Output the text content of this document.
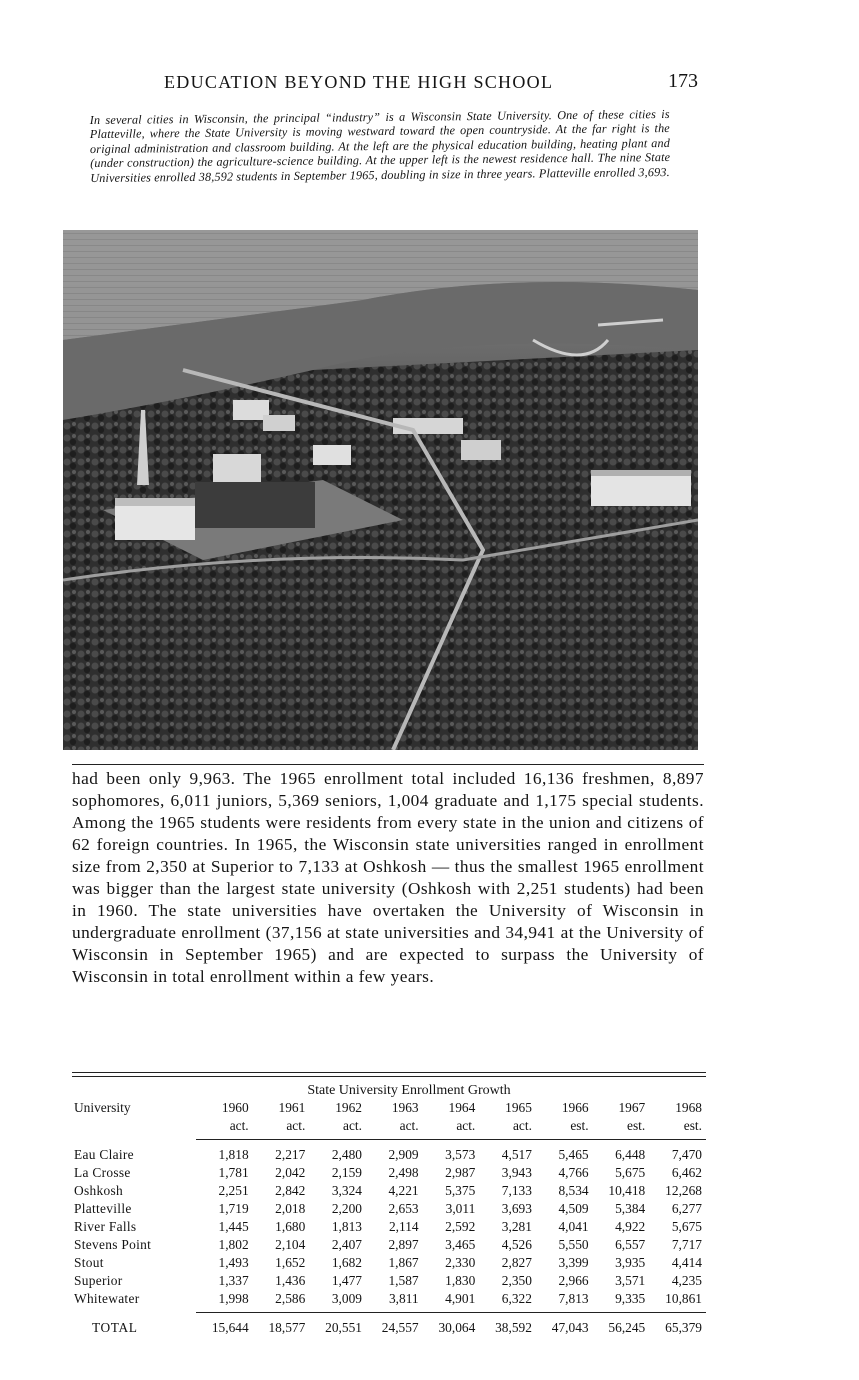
EDUCATION BEYOND THE HIGH SCHOOL	173
In several cities in Wisconsin, the principal “industry” is a Wisconsin State University. One of these cities is Platteville, where the State University is moving westward toward the open countryside. At the far right is the original administration and classroom building. At the left are the physical education building, heating plant and (under construction) the agriculture-science building. At the upper left is the newest residence hall. The nine State Universities enrolled 38,592 students in September 1965, doubling in size in three years. Platteville enrolled 3,693.
had been only 9,963. The 1965 enrollment total included 16,136 freshmen, 8,897 sophomores, 6,011 juniors, 5,369 seniors, 1,004 graduate and 1,175 special students. Among the 1965 students were residents from every state in the union and citizens of 62 foreign countries. In 1965, the Wisconsin state universities ranged in enrollment size from 2,350 at Superior to 7,133 at Oshkosh — thus the smallest 1965 enrollment was bigger than the largest state university (Oshkosh with 2,251 students) had been in 1960. The state universities have overtaken the University of Wisconsin in undergraduate enrollment (37,156 at state universities and 34,941 at the University of Wisconsin in September 1965) and are expected to surpass the University of Wisconsin in total enrollment within a few years.
State University Enrollment Growth
University	1960	1961	1962	1963	1964	1965	1966	1967	1968
	act.	act.	act.	act.	act.	act.	est.	est.	est.
Eau Claire	1,818	2,217	2,480	2,909	3,573	4,517	5,465	6,448	7,470
La Crosse	1,781	2,042	2,159	2,498	2,987	3,943	4,766	5,675	6,462
Oshkosh	2,251	2,842	3,324	4,221	5,375	7,133	8,534	10,418	12,268
Platteville	1,719	2,018	2,200	2,653	3,011	3,693	4,509	5,384	6,277
River Falls	1,445	1,680	1,813	2,114	2,592	3,281	4,041	4,922	5,675
Stevens Point	1,802	2,104	2,407	2,897	3,465	4,526	5,550	6,557	7,717
Stout	1,493	1,652	1,682	1,867	2,330	2,827	3,399	3,935	4,414
Superior	1,337	1,436	1,477	1,587	1,830	2,350	2,966	3,571	4,235
Whitewater	1,998	2,586	3,009	3,811	4,901	6,322	7,813	9,335	10,861
TOTAL	15,644	18,577	20,551	24,557	30,064	38,592	47,043	56,245	65,379
